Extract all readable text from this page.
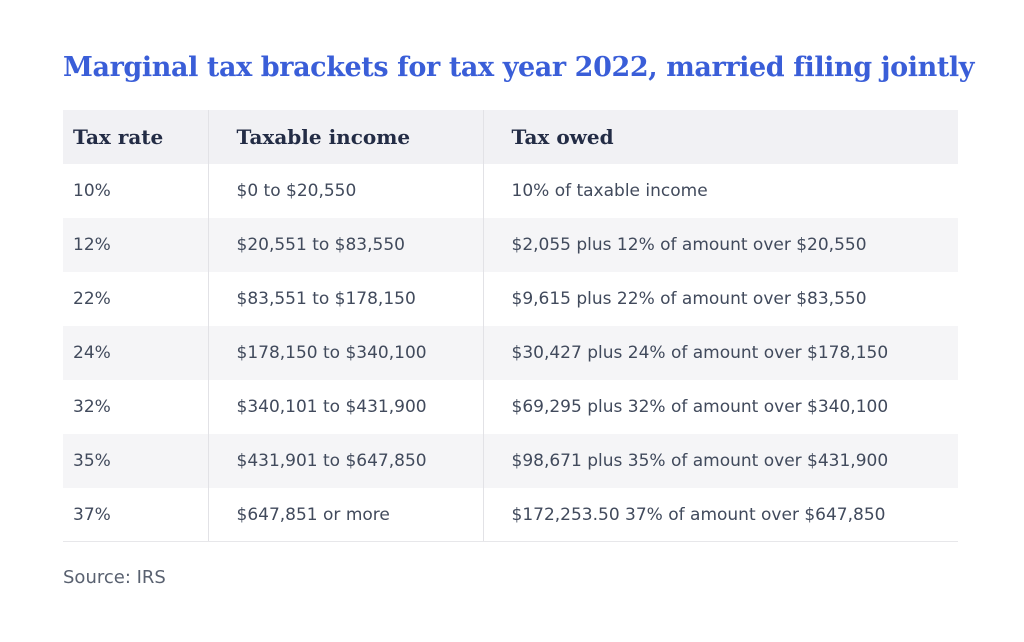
Marginal tax brackets for tax year 2022, married filing jointly
Tax rate	Taxable income	Tax owed
10%	$0 to $20,550	10% of taxable income
12%	$20,551 to $83,550	$2,055 plus 12% of amount over $20,550
22%	$83,551 to $178,150	$9,615 plus 22% of amount over $83,550
24%	$178,150 to $340,100	$30,427 plus 24% of amount over $178,150
32%	$340,101 to $431,900	$69,295 plus 32% of amount over $340,100
35%	$431,901 to $647,850	$98,671 plus 35% of amount over $431,900
37%	$647,851 or more	$172,253.50 37% of amount over $647,850
Source: IRS
